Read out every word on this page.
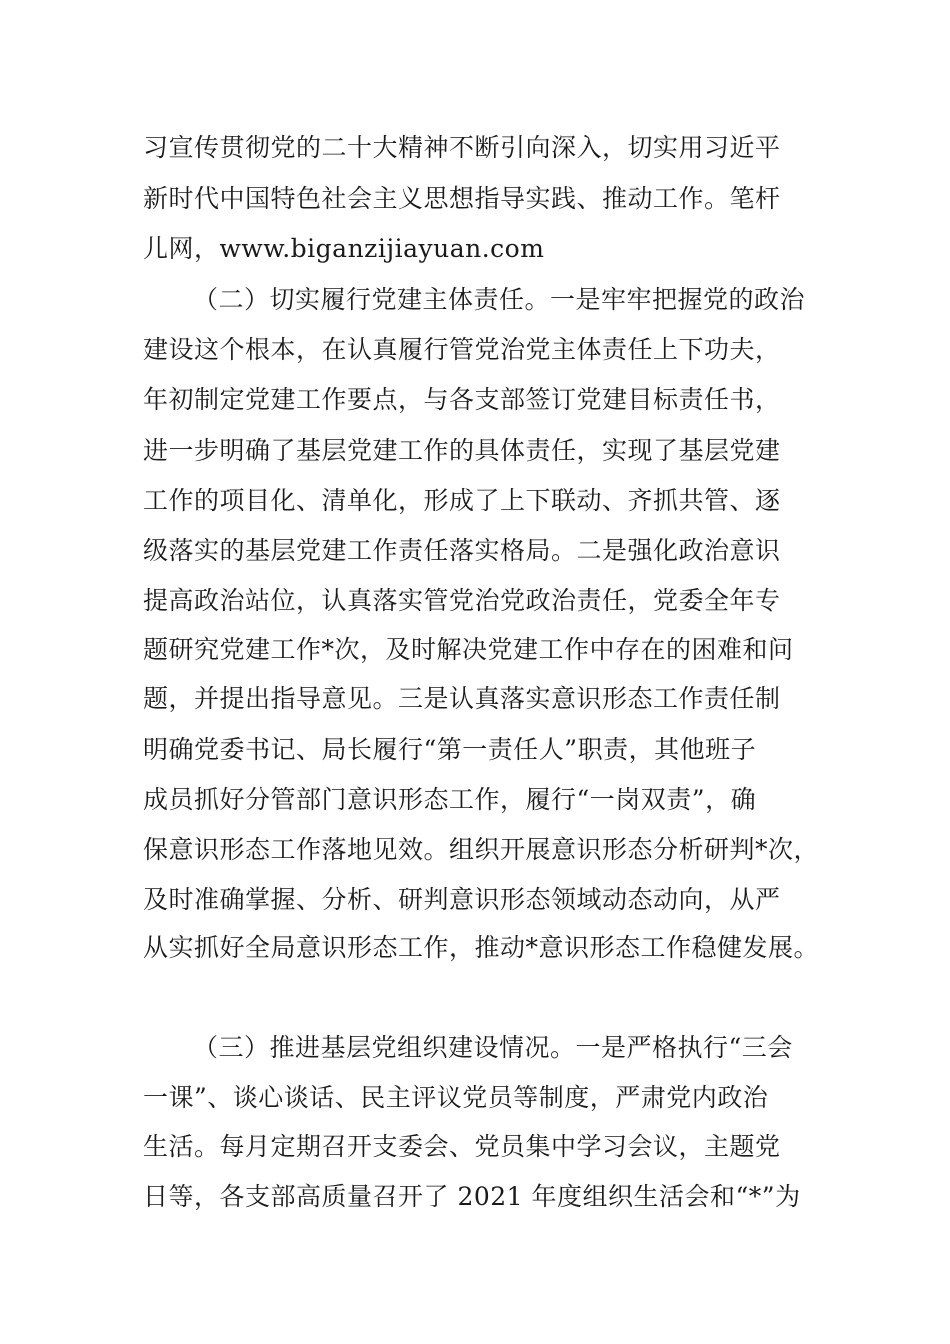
习宣传贯彻党的二十大精神不断引向深入，切实用习近平
新时代中国特色社会主义思想指导实践、推动工作。笔杆
儿网，www.biganzijiayuan.com
（二）切实履行党建主体责任。一是牢牢把握党的政治
建设这个根本，在认真履行管党治党主体责任上下功夫，
年初制定党建工作要点，与各支部签订党建目标责任书，
进一步明确了基层党建工作的具体责任，实现了基层党建
工作的项目化、清单化，形成了上下联动、齐抓共管、逐
级落实的基层党建工作责任落实格局。二是强化政治意识
提高政治站位，认真落实管党治党政治责任，党委全年专
题研究党建工作*次，及时解决党建工作中存在的困难和问
题，并提出指导意见。三是认真落实意识形态工作责任制
明确党委书记、局长履行“第一责任人”职责，其他班子
成员抓好分管部门意识形态工作，履行“一岗双责”，确
保意识形态工作落地见效。组织开展意识形态分析研判*次，
及时准确掌握、分析、研判意识形态领域动态动向，从严
从实抓好全局意识形态工作，推动*意识形态工作稳健发展。
（三）推进基层党组织建设情况。一是严格执行“三会
一课”、谈心谈话、民主评议党员等制度，严肃党内政治
生活。每月定期召开支委会、党员集中学习会议，主题党
日等，各支部高质量召开了 2021 年度组织生活会和“*”为
